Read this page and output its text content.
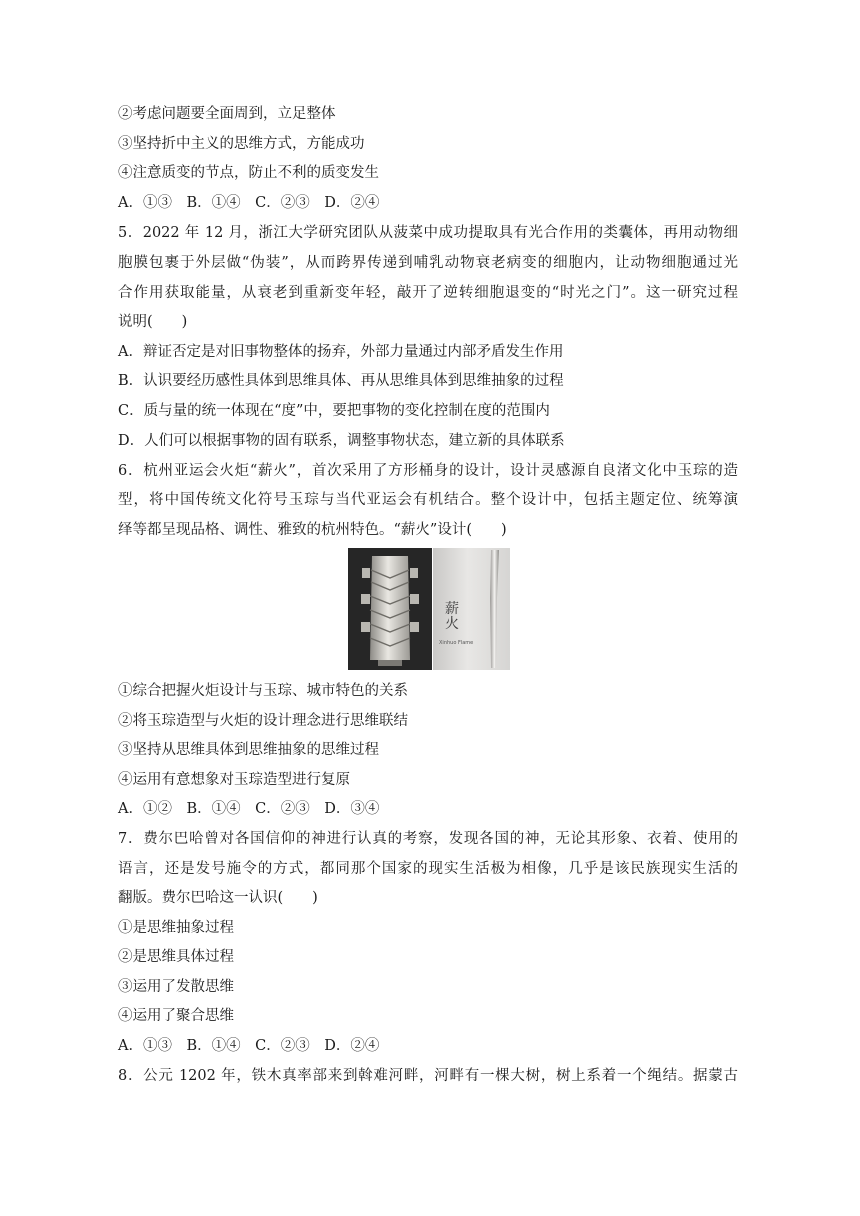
②考虑问题要全面周到，立足整体
③坚持折中主义的思维方式，方能成功
④注意质变的节点，防止不利的质变发生
A．①③　B．①④　C．②③　D．②④
5．2022 年 12 月，浙江大学研究团队从菠菜中成功提取具有光合作用的类囊体，再用动物细
胞膜包裹于外层做“伪装”，从而跨界传递到哺乳动物衰老病变的细胞内，让动物细胞通过光
合作用获取能量，从衰老到重新变年轻，敲开了逆转细胞退变的“时光之门”。这一研究过程
说明(　　)
A．辩证否定是对旧事物整体的扬弃，外部力量通过内部矛盾发生作用
B．认识要经历感性具体到思维具体、再从思维具体到思维抽象的过程
C．质与量的统一体现在“度”中，要把事物的变化控制在度的范围内
D．人们可以根据事物的固有联系，调整事物状态，建立新的具体联系
6．杭州亚运会火炬“薪火”，首次采用了方形桶身的设计，设计灵感源自良渚文化中玉琮的造
型，将中国传统文化符号玉琮与当代亚运会有机结合。整个设计中，包括主题定位、统筹演
绎等都呈现品格、调性、雅致的杭州特色。“薪火”设计(　　)
薪
火
Xinhuo Flame
①综合把握火炬设计与玉琮、城市特色的关系
②将玉琮造型与火炬的设计理念进行思维联结
③坚持从思维具体到思维抽象的思维过程
④运用有意想象对玉琮造型进行复原
A．①②　B．①④　C．②③　D．③④
7．费尔巴哈曾对各国信仰的神进行认真的考察，发现各国的神，无论其形象、衣着、使用的
语言，还是发号施令的方式，都同那个国家的现实生活极为相像，几乎是该民族现实生活的
翻版。费尔巴哈这一认识(　　)
①是思维抽象过程
②是思维具体过程
③运用了发散思维
④运用了聚合思维
A．①③　B．①④　C．②③　D．②④
8．公元 1202 年，铁木真率部来到斡难河畔，河畔有一棵大树，树上系着一个绳结。据蒙古
